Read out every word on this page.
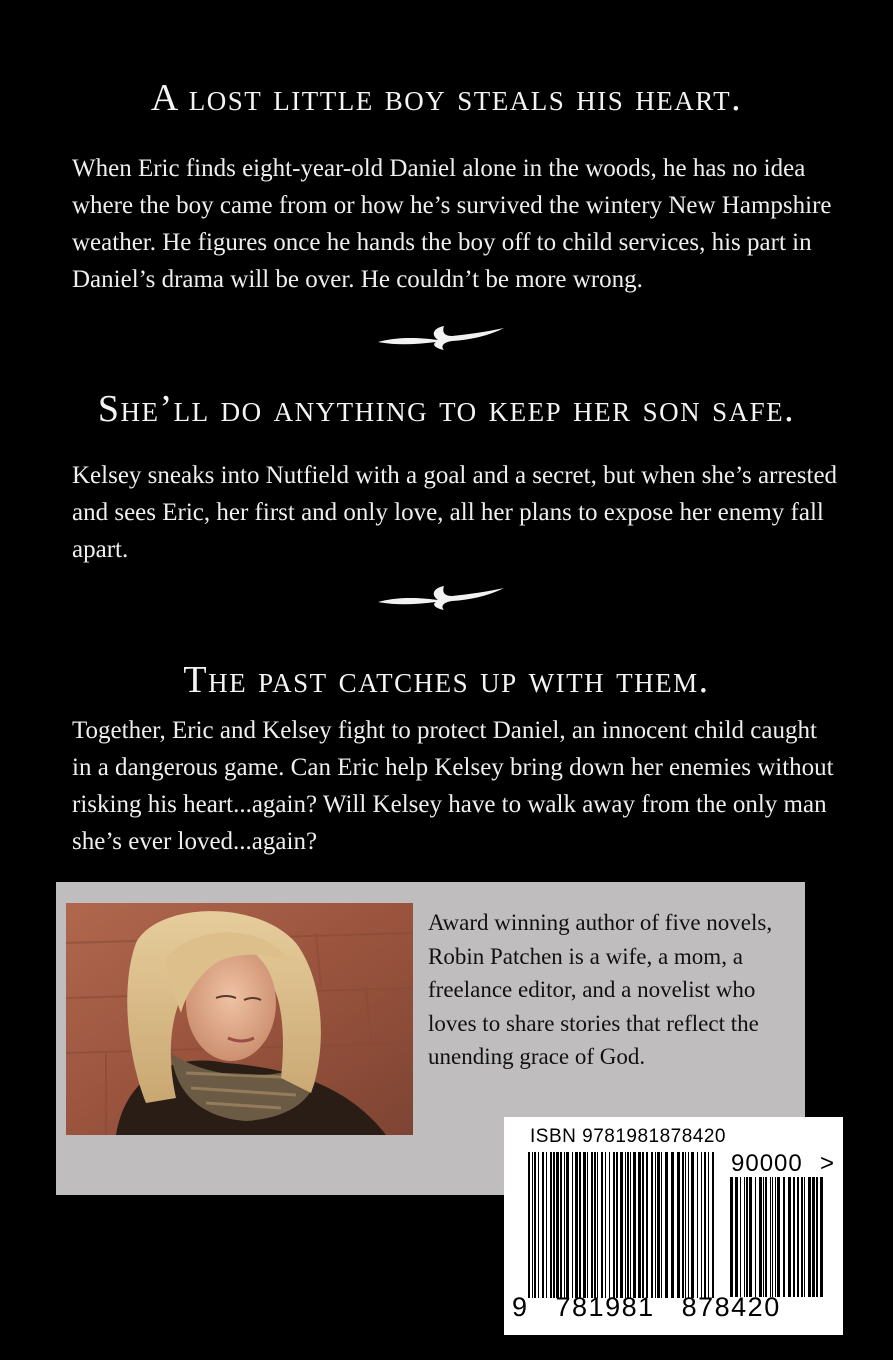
A lost little boy steals his heart.
When Eric finds eight-year-old Daniel alone in the woods, he has no idea where the boy came from or how he’s survived the wintery New Hampshire weather. He figures once he hands the boy off to child services, his part in Daniel’s drama will be over. He couldn’t be more wrong.
She’ll do anything to keep her son safe.
Kelsey sneaks into Nutfield with a goal and a secret, but when she’s arrested and sees Eric, her first and only love, all her plans to expose her enemy fall apart.
The past catches up with them.
Together, Eric and Kelsey fight to protect Daniel, an innocent child caught in a dangerous game. Can Eric help Kelsey bring down her enemies without risking his heart...again? Will Kelsey have to walk away from the only man she’s ever loved...again?
Award winning author of five novels, Robin Patchen is a wife, a mom, a freelance editor, and a novelist who loves to share stories that reflect the unending grace of God.
ISBN 9781981878420
90000 >
9   781981   878420
